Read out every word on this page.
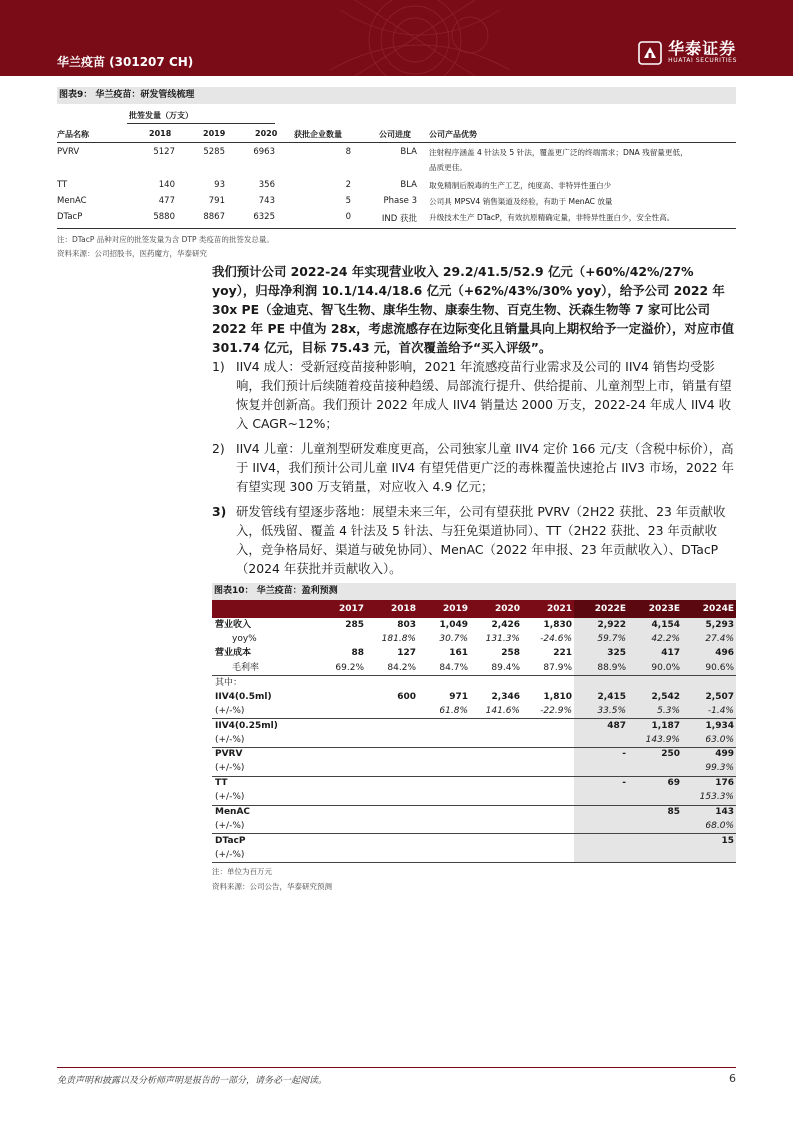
华兰疫苗 (301207 CH)
华泰证券
HUATAI SECURITIES
图表9： 华兰疫苗：研发管线梳理
批签发量（万支）
产品名称	2018	2019	2020 获批企业数量	公司进度 公司产品优势
PVRV	5127	5285	6963	8	BLA 注射程序涵盖 4 针法及 5 针法，覆盖更广泛的终端需求；DNA 残留量更低，
品质更佳。
TT	140	93	356	2	BLA 取免精制后脱毒的生产工艺，纯度高、非特异性蛋白少
MenAC	477	791	743	5	Phase 3 公司具 MPSV4 销售渠道及经验，有助于 MenAC 放量
DTacP	5880	8867	6325	0	IND 获批 升级技术生产 DTacP，有效抗原精确定量，非特异性蛋白少，安全性高。
注：DTacP 品种对应的批签发量为含 DTP 类疫苗的批签发总量。
资料来源：公司招股书，医药魔方，华泰研究

我们预计公司 2022-24 年实现营业收入 29.2/41.5/52.9 亿元（+60%/42%/27% yoy），归母净利润 10.1/14.4/18.6 亿元（+62%/43%/30% yoy），给予公司 2022 年 30x PE（金迪克、智飞生物、康华生物、康泰生物、百克生物、沃森生物等 7 家可比公司 2022 年 PE 中值为 28x，考虑流感存在边际变化且销量具向上期权给予一定溢价），对应市值 301.74 亿元，目标 75.43 元，首次覆盖给予“买入评级”。

1) IIV4 成人：受新冠疫苗接种影响，2021 年流感疫苗行业需求及公司的 IIV4 销售均受影响，我们预计后续随着疫苗接种趋缓、局部流行提升、供给提前、儿童剂型上市，销量有望恢复并创新高。我们预计 2022 年成人 IIV4 销量达 2000 万支，2022-24 年成人 IIV4 收入 CAGR~12%；
2) IIV4 儿童：儿童剂型研发难度更高，公司独家儿童 IIV4 定价 166 元/支（含税中标价），高于 IIV4，我们预计公司儿童 IIV4 有望凭借更广泛的毒株覆盖快速抢占 IIV3 市场，2022 年有望实现 300 万支销量，对应收入 4.9 亿元；
3) 研发管线有望逐步落地：展望未来三年，公司有望获批 PVRV（2H22 获批、23 年贡献收入，低残留、覆盖 4 针法及 5 针法、与狂免渠道协同）、TT（2H22 获批、23 年贡献收入，竞争格局好、渠道与破免协同）、MenAC（2022 年申报、23 年贡献收入）、DTacP（2024 年获批并贡献收入）。
图表10： 华兰疫苗：盈利预测
	2017	2018	2019	2020	2021	2022E	2023E	2024E
营业收入	285	803	1,049	2,426	1,830	2,922	4,154	5,293
yoy%		181.8%	30.7%	131.3%	-24.6%	59.7%	42.2%	27.4%
营业成本	88	127	161	258	221	325	417	496
毛利率	69.2%	84.2%	84.7%	89.4%	87.9%	88.9%	90.0%	90.6%
其中：								
IIV4(0.5ml)		600	971	2,346	1,810	2,415	2,542	2,507
(+/-%)			61.8%	141.6%	-22.9%	33.5%	5.3%	-1.4%
IIV4(0.25ml)						487	1,187	1,934
(+/-%)							143.9%	63.0%
PVRV						-	250	499
(+/-%)								99.3%
TT						-	69	176
(+/-%)								153.3%
MenAC							85	143
(+/-%)								68.0%
DTacP								15
(+/-%)								
注：单位为百万元
资料来源：公司公告，华泰研究预测
免责声明和披露以及分析师声明是报告的一部分，请务必一起阅读。	6
